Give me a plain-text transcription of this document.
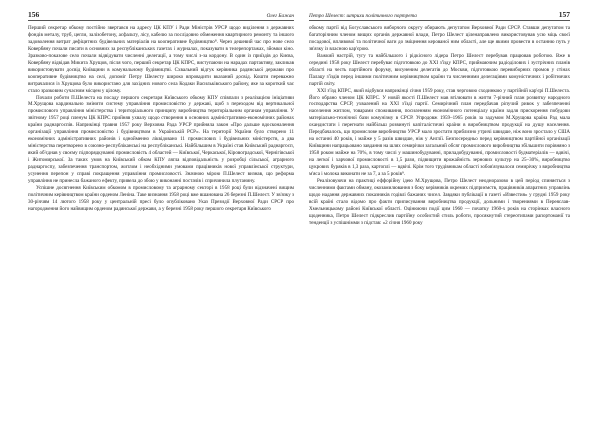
156	Олег Бажан

Перший секретар обкому постійно звертався на адресу ЦК КПУ і Ради Міністрів УРСР щодо виділення з державних фондів металу, труб, цегли, залізобетону, асфальту, лісу, кабелю за послідовно обмеження квартирного ремонту та іншого задоволення витрат дефіцитних будівельних матеріалів на кооперативне будівництво⁸. Через дешевий час про нове село Ковербяну почали писати в основних за республіканських газетах і журналах, показувати в телерепортажах, зйомки кіно. Зразково-показове село почали відвідувати численні делегації, а тому числі з-за кордону. В один із приїздів до Києва, Ковербяну відвідав Микита Хрущов, після чого, перший секретар ЦК КПРС, виступаючи на нарадах партактиву, закликав використовувати досвід Київщини в комунальному будівництві. Схвальний відгук керівника радянської держави про кооперативне будівництво на селі, допоміг Петру Шелесту широко впровадити вказаний досвід. Кошти переважно витрачалися із Хрущова було використано для західних нового села Кодаки Васильківського району, яке за короткий час стало зразковим сучасним місцем у цілому.

Почали роботи П.Шелеста на посаду першого секретаря Київського обкому КПУ співпали з реалізацією ініціативи М.Хрущова кардинально змінити систему управління промисловістю у державі, щоб з переходом від вертикальної промислового управління міністерства і територіального принципу виробництва територіальним органам управління. У звітному 1957 році пленум ЦК КПРС прийняв ухвалу щодо створення в основних адміністративно-економічних районах країни раднаргоспів. Наприкінці травня 1957 року Верховна Рада УРСР прийняла закон «Про дальше вдосконалення організації управління промисловістю і будівництвом в Українській РСР». На території України було створено 11 економічних адміністративних районів і однойменно ліквідовано 11 промислових і будівельних міністерств, а два міністерства перетворено в союзно-республіканські на республіканські. Найбільшим в Україні став Київський раднаргосп, який об'єднав у своєму підпорядкуванні промисловість 4 областей — Київської, Черкаської, Кіровоградської, Чернігівської і Житомирської. За таких умов на Київський обком КПУ лягла відповідальність у розробці сільської, аграрного раднаргоспу, забезпечення транспортом, житлом і необхідними умовами працівників нової управлінської структури, усунення перепон у справі покращення управління промисловості. Значною мірою П.Шелест визнав, що реформа управління не принесла бажаного ефекту, привела до збою у виконанні постачів і спричинила плутанину.

Успішне досягнення Київським обкомом в промисловому та аграрному секторі в 1958 році були відзначені вищим політичним керівництвом країни орденом Леніна. Таке визнання 1958 році вже вшанована 26 березні П.Шелест. У зв'язку з 30-річчям 14 лютого 1958 року у центральній пресі було опубліковано Указ Президії Верховної Ради СРСР про нагородження його найвищим орденом радянської держави, а у березні 1958 року першого секретаря Київського

Петро Шелест: штрихи політичного портрета	157

обкому партії від Богуславського виборчого округу обирають депутатом Верховної Ради СРСР. Ставши депутатом та багаторічним членом вищих органів державної влади, Петро Шелест ціленаправлено використовував усю міць своєї посадової, впливової та політичної ваги до зміцнення керованої ним області, але ще якими провести в останню путь у зв'язку із власною кар'єрою.

Важкий настрій, тугу та найбільшого і рідкісного лідера Петро Шелест перебував працював роботою. Вже в середині 1958 року Шелест перебуває підготовкою до XXI з'їзду КПРС, приймаючим радіоділових і зустрічних планів області на честь партійного форуму, висуненим делегатів до Москви, підготовкою перевиборних промов у стінах Палацу з'їздів перед іншими політичним керівництвом країни та численними делегаціями комуністичних і робітничих партій світу.

XXI з'їзд КПРС, який відбувся наприкінці січня 1959 року, став черговою сходинкою у партійній кар'єрі П.Шелеста. Його обрано членом ЦК КПРС. У новій якості П.Шелест мав втілювати в життя 7-річний план розвитку народного господарства СРСР, ухвалений на XXI з'їзді партії. Семирічний план передбачав ріпучий ривок у забезпеченні населення житлом, товарами споживання, посиленням економічного потенціалу країни задля прискорення побудови матеріально-технічної бази комунізму в СРСР. Упродовж 1959–1965 років за задумом М.Хрущова країна Рад мала охандистати і перегнати найбільш розвинуті капіталістичні країни в виробництвом продукції на душу населення. Передбачалось, що промислове виробництво УРСР мало зростати приблизно утричі швидше, ніж воно зростало у США на останні 40 років, і майже у 5 разів швидше, ніж у Англії. Безпосередньо перед керівництвом партійної організації Київщини напрацьовано завдання на шлях семирічки загальний обсяг промислового виробництва збільшити порівняно з 1958 роком майже на 70%, в тому числі у машинобудуванні, приладобудуванні, промисловості будматеріалів — вдвічі, на легкої і харчової промисловості в 1,5 рази, підвищити врожайність зернових культур на 25–30%, виробництво цукрових буряків в 1,3 раза, картоплі — вдвічі. Крім того трудівникам області зобов'язувалося семирічку з виробництва м'яса і молока виконати не за 7, а за 5 років⁹.

Реалізовуючи на практиці еффорійну ідею М.Хрущова, Петро Шелест неодноразово в цей період спиняється з численними фактами обману, окозамилювання з боку керівників окремих підприємств, працівників апаратних управлінь щодо надання державних показників годівлі бажаних чисел. Завдяки публікації в газеті «Известия» у грудні 1959 року всій країні стало відомо про факти приписування виробництва продукції, дольними і творениями в Переяслав-Хмельницькому районі Київської області. Оцінюючи події цим 1960 — початку 1960-х років на сторінках власного щоденника, Петро Шелест підкреслив партійну особистий стиль роботи, просякнутий стереотипами рапортоманії та тенденції з успішнімми з підстав: «2 січня 1960 року
